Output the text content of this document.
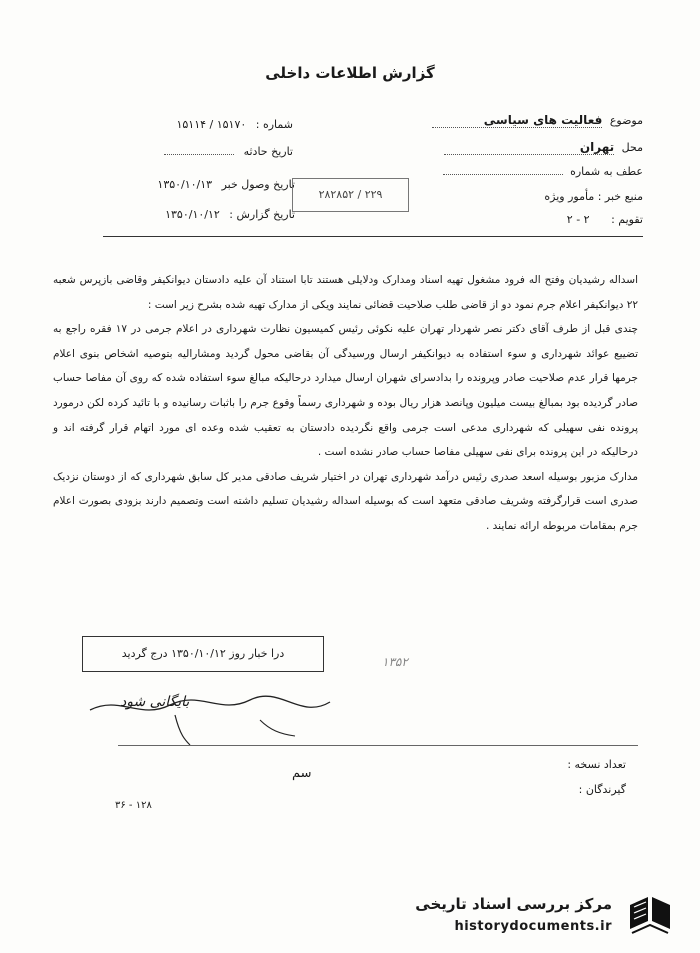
گزارش اطلاعات داخلی
موضوع فعالیت های سیاسی
محل تهران
عطف به شماره
منبع خبر : مأمور ویژه
تقویم : ۲ - ۲
شماره : ۱۵۱۷۰ / ۱۵۱۱۴
تاریخ حادثه
تاریخ وصول خبر ۱۳۵۰/۱۰/۱۳
تاریخ گزارش : ۱۳۵۰/۱۰/۱۲
۲۸۲۸۵۲ / ۲۲۹

اسداله رشیدیان وفتح اله فرود مشغول تهیه اسناد ومدارک ودلایلی هستند تابا استناد آن علیه دادستان دیوانکیفر وقاضی بازپرس شعبه ۲۲ دیوانکیفر اعلام جرم نمود دو از قاضی طلب صلاحیت قضائی نمایند ویکی از مدارک تهیه شده بشرح زیر است :

چندی قبل از طرف آقای دکتر نصر شهردار تهران علیه نکوئی رئیس کمیسیون نظارت شهرداری در اعلام جرمی در ۱۷ فقره راجع به تضییع عوائد شهرداری و سوء استفاده به دیوانکیفر ارسال ورسیدگی آن بقاضی محول گردید ومشارالیه بتوصیه اشخاص بنوی اعلام جرمها قرار عدم صلاحیت صادر وپرونده را بدادسرای شهران ارسال میدارد درحالیکه مبالغ سوء استفاده شده که روی آن مفاصا حساب صادر گردیده بود بمبالغ بیست میلیون وپانصد هزار ریال بوده و شهرداری رسماً وقوع جرم را باثبات رسانیده و با تائید کرده لکن درمورد پرونده نفی سهیلی که شهرداری مدعی است جرمی واقع نگردیده دادستان به تعقیب شده وعده ای مورد اتهام قرار گرفته اند و درحالیکه در این پرونده برای نفی سهیلی مفاصا حساب صادر نشده است .

مدارک مزبور بوسیله اسعد صدری رئیس درآمد شهرداری تهران در اختیار شریف صادقی مدیر کل سابق شهرداری که از دوستان نزدیک صدری است قرارگرفته وشریف صادقی متعهد است که بوسیله اسداله رشیدیان تسلیم داشته است وتصمیم دارند بزودی بصورت اعلام جرم بمقامات مربوطه ارائه نمایند .

درا خبار روز ۱۳۵۰/۱۰/۱۲ درج گردید
۱۳۵۲
بایگانی شود
سم
تعداد نسخه :
گیرندگان :
۳۶ - ۱۲۸
مرکز بررسی اسناد تاریخی
historydocuments.ir
